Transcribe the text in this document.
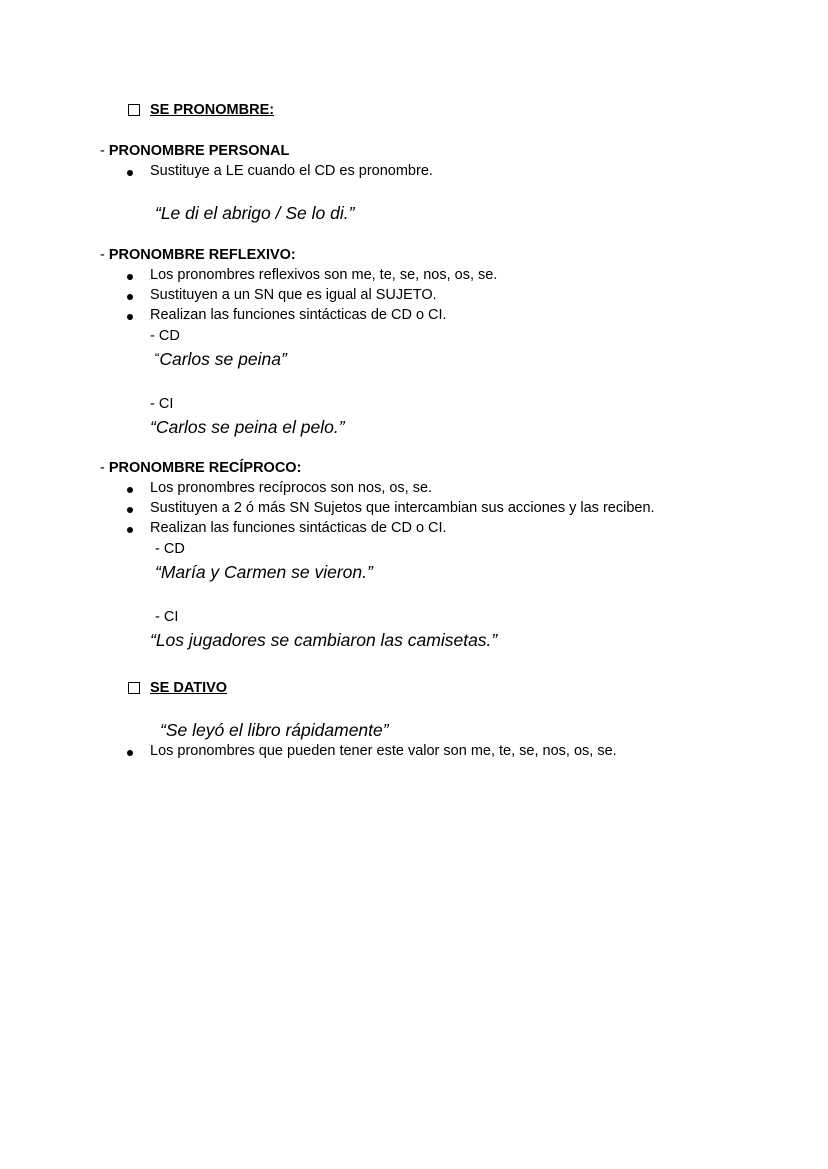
SE PRONOMBRE:
- PRONOMBRE PERSONAL
Sustituye a LE cuando el CD es pronombre.
“Le di el abrigo / Se lo di.”
- PRONOMBRE REFLEXIVO:
Los pronombres reflexivos son me, te, se, nos, os, se.
Sustituyen a un SN que es igual al SUJETO.
Realizan las funciones sintácticas de CD o CI.
- CD
“Carlos se peina”
- CI
“Carlos se peina el pelo.”
- PRONOMBRE RECÍPROCO:
Los pronombres recíprocos son nos, os, se.
Sustituyen a 2 ó más SN Sujetos que intercambian sus acciones y las reciben.
Realizan las funciones sintácticas de CD o CI.
- CD
“María y Carmen se vieron.”
- CI
“Los jugadores se cambiaron las camisetas.”
SE DATIVO
“Se leyó el libro rápidamente”
Los pronombres que pueden tener este valor son me, te, se, nos, os, se.
